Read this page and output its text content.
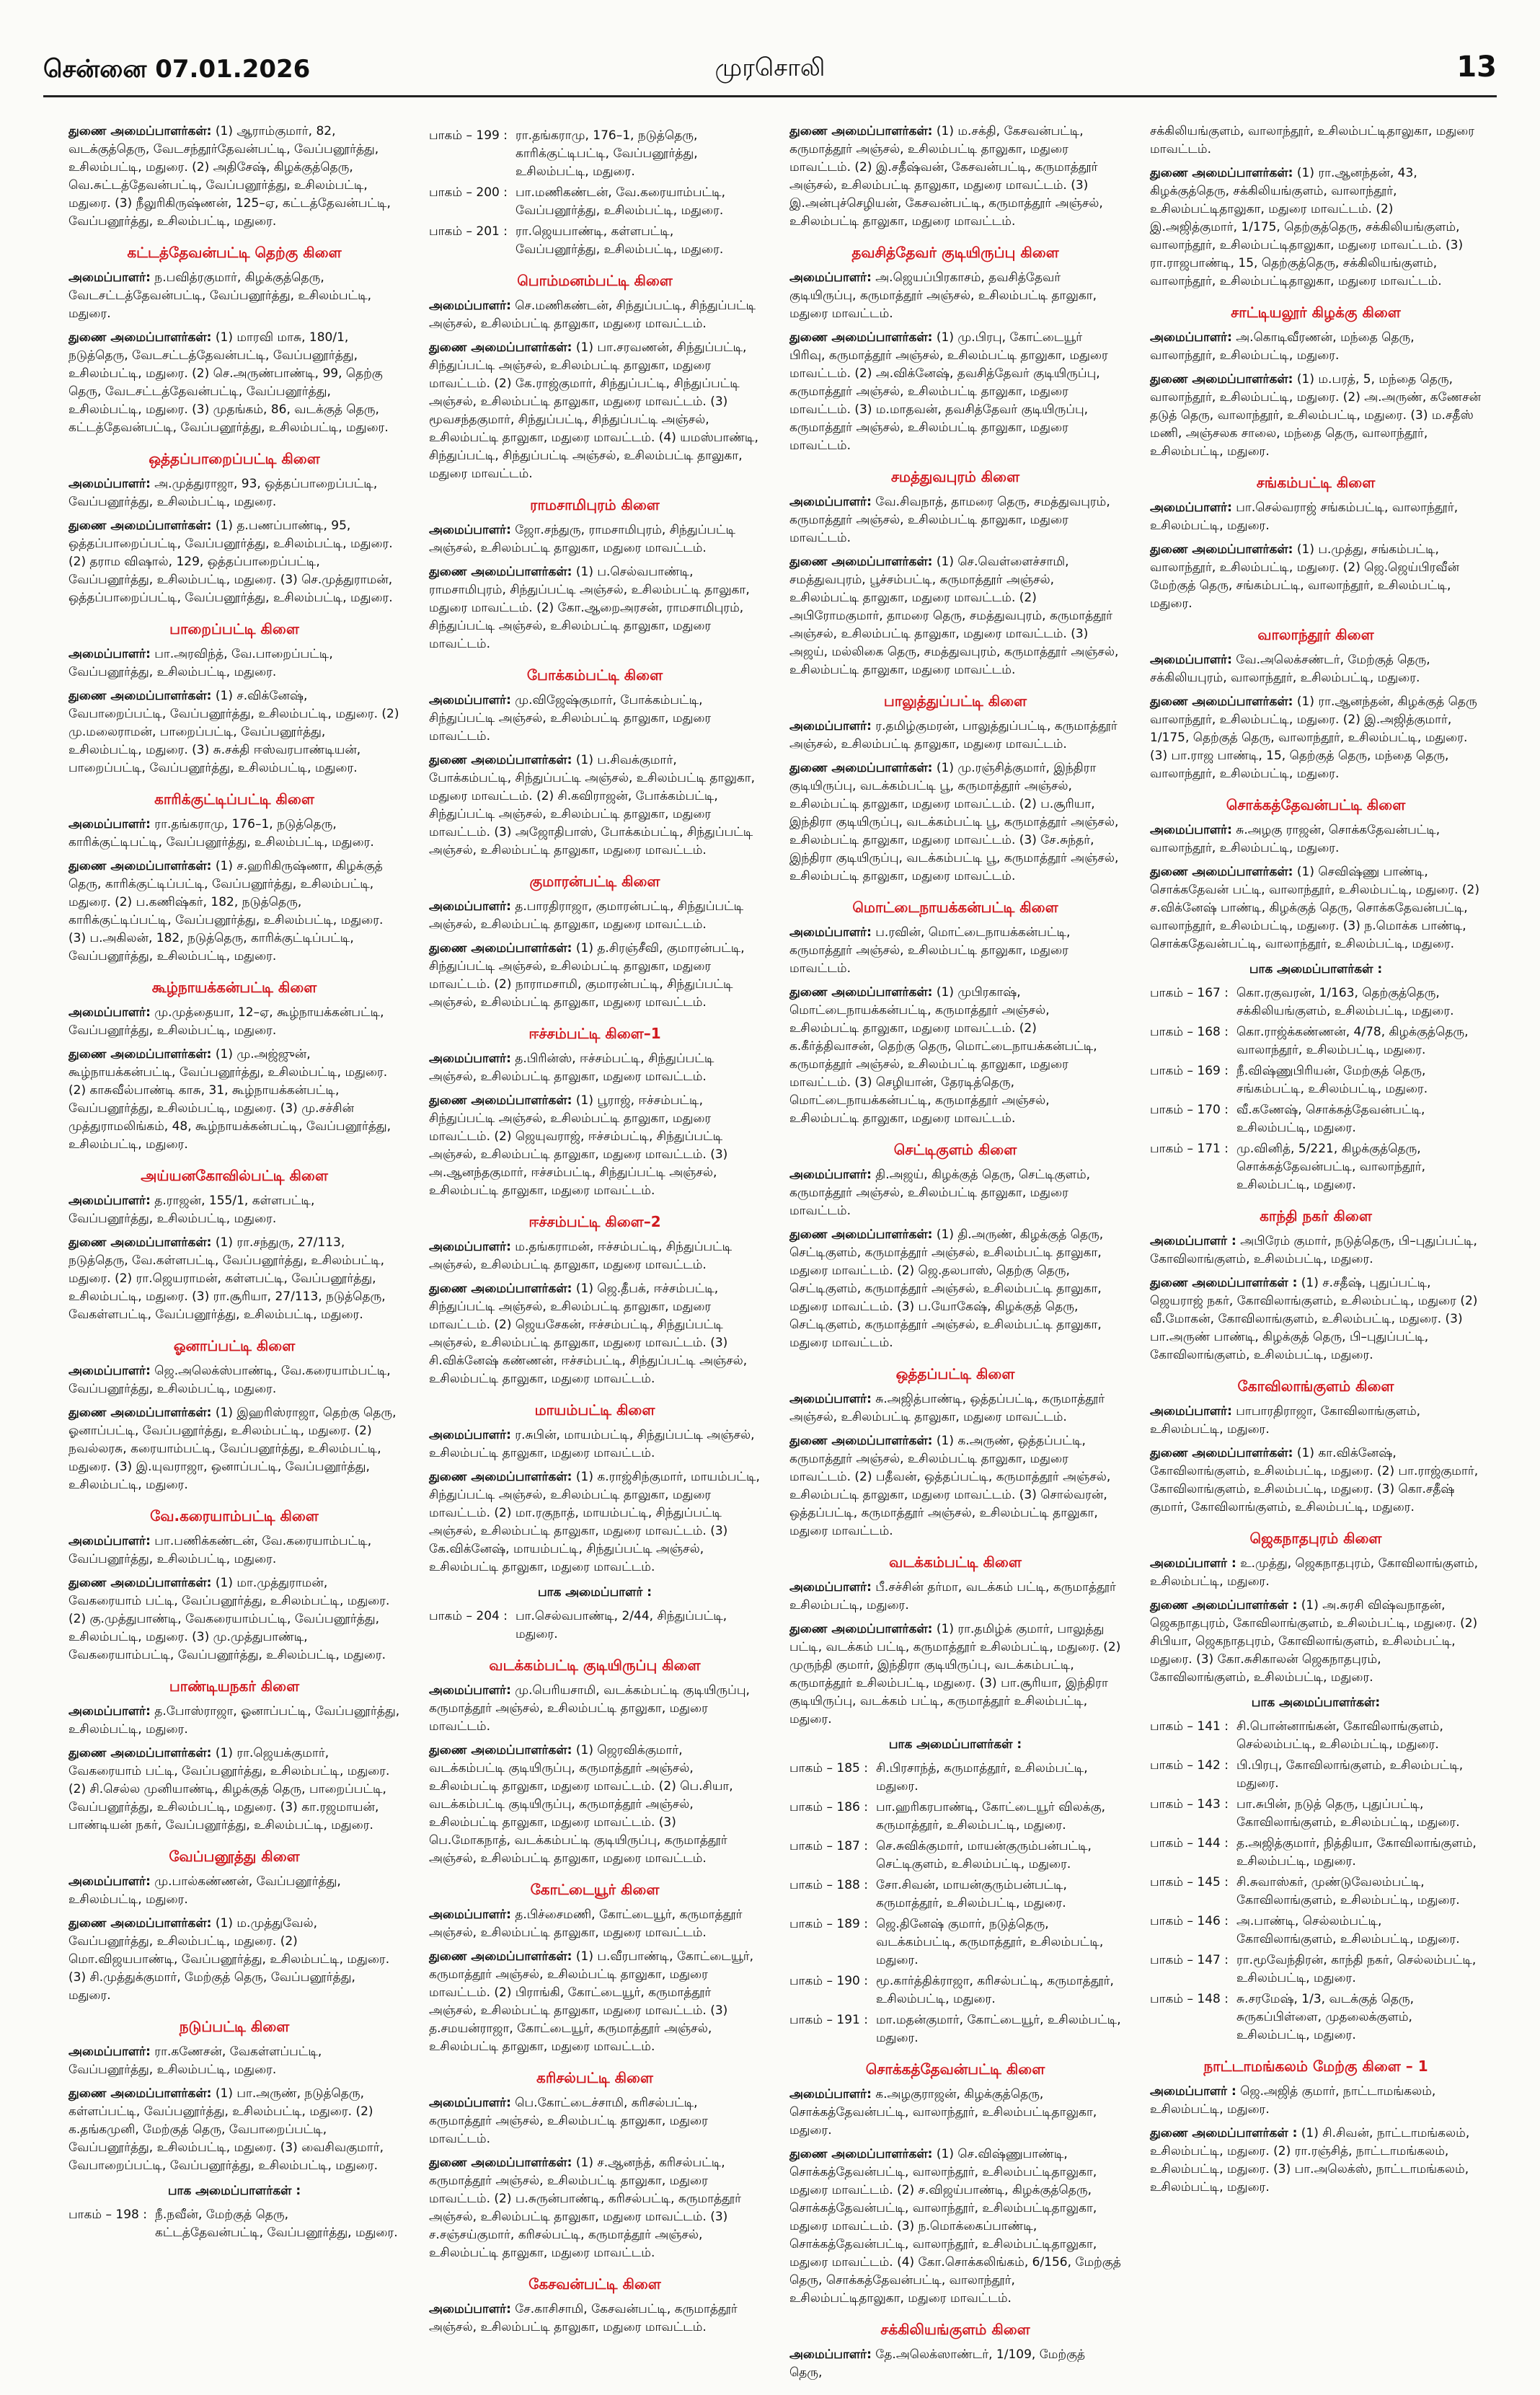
சென்னை 07.01.2026	முரசொலி	13
துணை அமைப்பாளர்கள்: (1) ஆராம்குமார், 82, வடக்குத்தெரு, வேடசந்தூர்தேவன்பட்டி, வேப்பனூர்த்து, உசிலம்பட்டி, மதுரை. (2) அதிசேஷ், கிழக்குத்தெரு, வெ.சுட்டத்தேவன்பட்டி, வேப்பனூர்த்து, உசிலம்பட்டி, மதுரை. (3) நீலுரிகிருஷ்ணன், 125–ஏ, கட்டத்தேவன்பட்டி, வேப்பனூர்த்து, உசிலம்பட்டி, மதுரை.
கட்டத்தேவன்பட்டி தெற்கு கிளை
அமைப்பாளர்: ந.பவித்ரகுமார், கிழக்குத்தெரு, வேடசட்டத்தேவன்பட்டி, வேப்பனூர்த்து, உசிலம்பட்டி, மதுரை.
துணை அமைப்பாளர்கள்: (1) மாரவி மாசு, 180/1, நடுத்தெரு, வேடசட்டத்தேவன்பட்டி, வேப்பனூர்த்து, உசிலம்பட்டி, மதுரை. (2) செ.அருண்பாண்டி, 99, தெற்கு தெரு, வேடசட்டத்தேவன்பட்டி, வேப்பனூர்த்து, உசிலம்பட்டி, மதுரை. (3) முதங்கம், 86, வடக்குத் தெரு, கட்டத்தேவன்பட்டி, வேப்பனூர்த்து, உசிலம்பட்டி, மதுரை.
ஒத்தப்பாறைப்பட்டி கிளை
அமைப்பாளர்: அ.முத்துராஜா, 93, ஒத்தப்பாறைப்பட்டி, வேப்பனூர்த்து, உசிலம்பட்டி, மதுரை.
துணை அமைப்பாளர்கள்: (1) த.பணப்பாண்டி, 95, ஒத்தப்பாறைப்பட்டி, வேப்பனூர்த்து, உசிலம்பட்டி, மதுரை. (2) தராம விஷால், 129, ஒத்தப்பாறைப்பட்டி, வேப்பனூர்த்து, உசிலம்பட்டி, மதுரை. (3) செ.முத்துராமன், ஒத்தப்பாறைப்பட்டி, வேப்பனூர்த்து, உசிலம்பட்டி, மதுரை.
பாறைப்பட்டி கிளை
அமைப்பாளர்: பா.அரவிந்த், வே.பாறைப்பட்டி, வேப்பனூர்த்து, உசிலம்பட்டி, மதுரை.
துணை அமைப்பாளர்கள்: (1) ச.விக்னேஷ், வேபாறைப்பட்டி, வேப்பனூர்த்து, உசிலம்பட்டி, மதுரை. (2) மு.மலைராமன், பாறைப்பட்டி, வேப்பனூர்த்து, உசிலம்பட்டி, மதுரை. (3) சு.சக்தி ஈஸ்வரபாண்டியன், பாறைப்பட்டி, வேப்பனூர்த்து, உசிலம்பட்டி, மதுரை.
காரிக்குட்டிப்பட்டி கிளை
அமைப்பாளர்: ரா.தங்கராமு, 176–1, நடுத்தெரு, காரிக்குட்டிபட்டி, வேப்பனூர்த்து, உசிலம்பட்டி, மதுரை.
துணை அமைப்பாளர்கள்: (1) ச.ஹரிகிருஷ்ணா, கிழக்குத் தெரு, காரிக்குட்டிப்பட்டி, வேப்பனூர்த்து, உசிலம்பட்டி, மதுரை. (2) ப.கணிஷ்கர், 182, நடுத்தெரு, காரிக்குட்டிப்பட்டி, வேப்பனூர்த்து, உசிலம்பட்டி, மதுரை. (3) ப.அகிலன், 182, நடுத்தெரு, காரிக்குட்டிப்பட்டி, வேப்பனூர்த்து, உசிலம்பட்டி, மதுரை.
கூழ்நாயக்கன்பட்டி கிளை
அமைப்பாளர்: மு.முத்தையா, 12–ஏ, கூழ்நாயக்கன்பட்டி, வேப்பனூர்த்து, உசிலம்பட்டி, மதுரை.
துணை அமைப்பாளர்கள்: (1) மு.அஜ்ஜுன், கூழ்நாயக்கன்பட்டி, வேப்பனூர்த்து, உசிலம்பட்டி, மதுரை. (2) காசுவீல்பாண்டி காசு, 31, கூழ்நாயக்கன்பட்டி, வேப்பனூர்த்து, உசிலம்பட்டி, மதுரை. (3) மு.சச்சின் முத்துராமலிங்கம், 48, கூழ்நாயக்கன்பட்டி, வேப்பனூர்த்து, உசிலம்பட்டி, மதுரை.
அய்யனகோவில்பட்டி கிளை
அமைப்பாளர்: த.ராஜன், 155/1, கள்ளபட்டி, வேப்பனூர்த்து, உசிலம்பட்டி, மதுரை.
துணை அமைப்பாளர்கள்: (1) ரா.சந்துரு, 27/113, நடுத்தெரு, வே.கள்ளபட்டி, வேப்பனூர்த்து, உசிலம்பட்டி, மதுரை. (2) ரா.ஜெயராமன், கள்ளபட்டி, வேப்பனூர்த்து, உசிலம்பட்டி, மதுரை. (3) ரா.சூரியா, 27/113, நடுத்தெரு, வேகள்ளபட்டி, வேப்பனூர்த்து, உசிலம்பட்டி, மதுரை.
ஓனாப்பட்டி கிளை
அமைப்பாளர்: ஜெ.அலெக்ஸ்பாண்டி, வே.கரையாம்பட்டி, வேப்பனூர்த்து, உசிலம்பட்டி, மதுரை.
துணை அமைப்பாளர்கள்: (1) இஹரிஸ்ராஜா, தெற்கு தெரு, ஓனாப்பட்டி, வேப்பனூர்த்து, உசிலம்பட்டி, மதுரை. (2) நவல்லரசு, கரையாம்பட்டி, வேப்பனூர்த்து, உசிலம்பட்டி, மதுரை. (3) இ.யுவராஜா, ஒனாப்பட்டி, வேப்பனூர்த்து, உசிலம்பட்டி, மதுரை.
வே.கரையாம்பட்டி கிளை
அமைப்பாளர்: பா.பணிக்கண்டன், வே.கரையாம்பட்டி, வேப்பனூர்த்து, உசிலம்பட்டி, மதுரை.
துணை அமைப்பாளர்கள்: (1) மா.முத்துராமன், வேகரையாம் பட்டி, வேப்பனூர்த்து, உசிலம்பட்டி, மதுரை. (2) கு.முத்துபாண்டி, வேகரையாம்பட்டி, வேப்பனூர்த்து, உசிலம்பட்டி, மதுரை. (3) மு.முத்துபாண்டி, வேகரையாம்பட்டி, வேப்பனூர்த்து, உசிலம்பட்டி, மதுரை.
பாண்டியநகர் கிளை
அமைப்பாளர்: த.போஸ்ராஜா, ஓனாப்பட்டி, வேப்பனூர்த்து, உசிலம்பட்டி, மதுரை.
துணை அமைப்பாளர்கள்: (1) ரா.ஜெயக்குமார், வேகரையாம் பட்டி, வேப்பனூர்த்து, உசிலம்பட்டி, மதுரை. (2) சி.செல்ல முனியாண்டி, கிழக்குத் தெரு, பாறைப்பட்டி, வேப்பனூர்த்து, உசிலம்பட்டி, மதுரை. (3) கா.ரஜமாயன், பாண்டியன் நகர், வேப்பனூர்த்து, உசிலம்பட்டி, மதுரை.
வேப்பனூத்து கிளை
அமைப்பாளர்: மு.பால்கண்ணன், வேப்பனூர்த்து, உசிலம்பட்டி, மதுரை.
துணை அமைப்பாளர்கள்: (1) ம.முத்துவேல், வேப்பனூர்த்து, உசிலம்பட்டி, மதுரை. (2) மொ.விஜயபாண்டி, வேப்பனூர்த்து, உசிலம்பட்டி, மதுரை. (3) சி.முத்துக்குமார், மேற்குத் தெரு, வேப்பனூர்த்து, மதுரை.
நடுப்பட்டி கிளை
அமைப்பாளர்: ரா.கணேசன், வேகள்ளப்பட்டி, வேப்பனூர்த்து, உசிலம்பட்டி, மதுரை.
துணை அமைப்பாளர்கள்: (1) பா.அருண், நடுத்தெரு, கள்ளப்பட்டி, வேப்பனூர்த்து, உசிலம்பட்டி, மதுரை. (2) க.தங்கமுனி, மேற்குத் தெரு, வேபாறைப்பட்டி, வேப்பனூர்த்து, உசிலம்பட்டி, மதுரை. (3) வைசிவகுமார், வேபாறைப்பட்டி, வேப்பனூர்த்து, உசிலம்பட்டி, மதுரை.
பாக அமைப்பாளர்கள் :
பாகம் – 198 : நீ.நவீன், மேற்குத் தெரு, கட்டத்தேவன்பட்டி, வேப்பனூர்த்து, மதுரை.
பாகம் – 199 : ரா.தங்கராமு, 176–1, நடுத்தெரு, காரிக்குட்டிபட்டி, வேப்பனூர்த்து, உசிலம்பட்டி, மதுரை.
பாகம் – 200 : பா.மணிகண்டன், வே.கரையாம்பட்டி, வேப்பனூர்த்து, உசிலம்பட்டி, மதுரை.
பாகம் – 201 : ரா.ஜெயபாண்டி, கள்ளபட்டி, வேப்பனூர்த்து, உசிலம்பட்டி, மதுரை.
பொம்மனம்பட்டி கிளை
அமைப்பாளர்: செ.மணிகண்டன், சிந்துப்பட்டி, சிந்துப்பட்டி அஞ்சல், உசிலம்பட்டி தாலுகா, மதுரை மாவட்டம்.
துணை அமைப்பாளர்கள்: (1) பா.சரவணன், சிந்துப்பட்டி, சிந்துப்பட்டி அஞ்சல், உசிலம்பட்டி தாலுகா, மதுரை மாவட்டம். (2) கே.ராஜ்குமார், சிந்துப்பட்டி, சிந்துப்பட்டி அஞ்சல், உசிலம்பட்டி தாலுகா, மதுரை மாவட்டம். (3) மூவசந்தகுமார், சிந்துப்பட்டி, சிந்துப்பட்டி அஞ்சல், உசிலம்பட்டி தாலுகா, மதுரை மாவட்டம். (4) யமஸ்பாண்டி, சிந்துப்பட்டி, சிந்துப்பட்டி அஞ்சல், உசிலம்பட்டி தாலுகா, மதுரை மாவட்டம்.
ராமசாமிபுரம் கிளை
அமைப்பாளர்: ஜோ.சந்துரு, ராமசாமிபுரம், சிந்துப்பட்டி அஞ்சல், உசிலம்பட்டி தாலுகா, மதுரை மாவட்டம்.
துணை அமைப்பாளர்கள்: (1) ப.செல்வபாண்டி, ராமசாமிபுரம், சிந்துப்பட்டி அஞ்சல், உசிலம்பட்டி தாலுகா, மதுரை மாவட்டம். (2) கோ.ஆறைஅரசன், ராமசாமிபுரம், சிந்துப்பட்டி அஞ்சல், உசிலம்பட்டி தாலுகா, மதுரை மாவட்டம்.
போக்கம்பட்டி கிளை
அமைப்பாளர்: மு.விஜேஷ்குமார், போக்கம்பட்டி, சிந்துப்பட்டி அஞ்சல், உசிலம்பட்டி தாலுகா, மதுரை மாவட்டம்.
துணை அமைப்பாளர்கள்: (1) ப.சிவக்குமார், போக்கம்பட்டி, சிந்துப்பட்டி அஞ்சல், உசிலம்பட்டி தாலுகா, மதுரை மாவட்டம். (2) சி.கவிராஜன், போக்கம்பட்டி, சிந்துப்பட்டி அஞ்சல், உசிலம்பட்டி தாலுகா, மதுரை மாவட்டம். (3) அஜோதிபாஸ், போக்கம்பட்டி, சிந்துப்பட்டி அஞ்சல், உசிலம்பட்டி தாலுகா, மதுரை மாவட்டம்.
குமாரன்பட்டி கிளை
அமைப்பாளர்: த.பாரதிராஜா, குமாரன்பட்டி, சிந்துப்பட்டி அஞ்சல், உசிலம்பட்டி தாலுகா, மதுரை மாவட்டம்.
துணை அமைப்பாளர்கள்: (1) த.சிரஞ்சீவி, குமாரன்பட்டி, சிந்துப்பட்டி அஞ்சல், உசிலம்பட்டி தாலுகா, மதுரை மாவட்டம். (2) நாராமசாமி, குமாரன்பட்டி, சிந்துப்பட்டி அஞ்சல், உசிலம்பட்டி தாலுகா, மதுரை மாவட்டம்.
ஈச்சம்பட்டி கிளை–1
அமைப்பாளர்: த.பிரின்ஸ், ஈச்சம்பட்டி, சிந்துப்பட்டி அஞ்சல், உசிலம்பட்டி தாலுகா, மதுரை மாவட்டம்.
துணை அமைப்பாளர்கள்: (1) பூராஜ், ஈச்சம்பட்டி, சிந்துப்பட்டி அஞ்சல், உசிலம்பட்டி தாலுகா, மதுரை மாவட்டம். (2) ஜெயுவராஜ், ஈச்சம்பட்டி, சிந்துப்பட்டி அஞ்சல், உசிலம்பட்டி தாலுகா, மதுரை மாவட்டம். (3) அ.ஆனந்தகுமார், ஈச்சம்பட்டி, சிந்துப்பட்டி அஞ்சல், உசிலம்பட்டி தாலுகா, மதுரை மாவட்டம்.
ஈச்சம்பட்டி கிளை–2
அமைப்பாளர்: ம.தங்கராமன், ஈச்சம்பட்டி, சிந்துப்பட்டி அஞ்சல், உசிலம்பட்டி தாலுகா, மதுரை மாவட்டம்.
துணை அமைப்பாளர்கள்: (1) ஜெ.தீபக், ஈச்சம்பட்டி, சிந்துப்பட்டி அஞ்சல், உசிலம்பட்டி தாலுகா, மதுரை மாவட்டம். (2) ஜெயசேகன், ஈச்சம்பட்டி, சிந்துப்பட்டி அஞ்சல், உசிலம்பட்டி தாலுகா, மதுரை மாவட்டம். (3) சி.விக்னேஷ் கண்ணன், ஈச்சம்பட்டி, சிந்துப்பட்டி அஞ்சல், உசிலம்பட்டி தாலுகா, மதுரை மாவட்டம்.
மாயம்பட்டி கிளை
அமைப்பாளர்: ர.சுபின், மாயம்பட்டி, சிந்துப்பட்டி அஞ்சல், உசிலம்பட்டி தாலுகா, மதுரை மாவட்டம்.
துணை அமைப்பாளர்கள்: (1) க.ராஜ்சிந்குமார், மாயம்பட்டி, சிந்துப்பட்டி அஞ்சல், உசிலம்பட்டி தாலுகா, மதுரை மாவட்டம். (2) மா.ரகுநாத், மாயம்பட்டி, சிந்துப்பட்டி அஞ்சல், உசிலம்பட்டி தாலுகா, மதுரை மாவட்டம். (3) கே.விக்னேஷ், மாயம்பட்டி, சிந்துப்பட்டி அஞ்சல், உசிலம்பட்டி தாலுகா, மதுரை மாவட்டம்.
பாக அமைப்பாளர் :
பாகம் – 204 : பா.செல்வபாண்டி, 2/44, சிந்துப்பட்டி, மதுரை.
வடக்கம்பட்டி குடியிருப்பு கிளை
அமைப்பாளர்: மு.பெரியசாமி, வடக்கம்பட்டி குடியிருப்பு, கருமாத்தூர் அஞ்சல், உசிலம்பட்டி தாலுகா, மதுரை மாவட்டம்.
துணை அமைப்பாளர்கள்: (1) ஜெரவிக்குமார், வடக்கம்பட்டி குடியிருப்பு, கருமாத்தூர் அஞ்சல், உசிலம்பட்டி தாலுகா, மதுரை மாவட்டம். (2) பெ.சியா, வடக்கம்பட்டி குடியிருப்பு, கருமாத்தூர் அஞ்சல், உசிலம்பட்டி தாலுகா, மதுரை மாவட்டம். (3) பெ.மோகநாத், வடக்கம்பட்டி குடியிருப்பு, கருமாத்தூர் அஞ்சல், உசிலம்பட்டி தாலுகா, மதுரை மாவட்டம்.
கோட்டையூர் கிளை
அமைப்பாளர்: த.பிச்சைமணி, கோட்டையூர், கருமாத்தூர் அஞ்சல், உசிலம்பட்டி தாலுகா, மதுரை மாவட்டம்.
துணை அமைப்பாளர்கள்: (1) ப.வீரபாண்டி, கோட்டையூர், கருமாத்தூர் அஞ்சல், உசிலம்பட்டி தாலுகா, மதுரை மாவட்டம். (2) பிராங்கி, கோட்டையூர், கருமாத்தூர் அஞ்சல், உசிலம்பட்டி தாலுகா, மதுரை மாவட்டம். (3) த.சமயன்ராஜா, கோட்டையூர், கருமாத்தூர் அஞ்சல், உசிலம்பட்டி தாலுகா, மதுரை மாவட்டம்.
கரிசல்பட்டி கிளை
அமைப்பாளர்: பெ.கோட்டைச்சாமி, கரிசல்பட்டி, கருமாத்தூர் அஞ்சல், உசிலம்பட்டி தாலுகா, மதுரை மாவட்டம்.
துணை அமைப்பாளர்கள்: (1) ச.ஆனந்த், கரிசல்பட்டி, கருமாத்தூர் அஞ்சல், உசிலம்பட்டி தாலுகா, மதுரை மாவட்டம். (2) ப.சுருன்பாண்டி, கரிசல்பட்டி, கருமாத்தூர் அஞ்சல், உசிலம்பட்டி தாலுகா, மதுரை மாவட்டம். (3) ச.சஞ்சய்குமார், கரிசல்பட்டி, கருமாத்தூர் அஞ்சல், உசிலம்பட்டி தாலுகா, மதுரை மாவட்டம்.
கேசவன்பட்டி கிளை
அமைப்பாளர்: சே.காசிசாமி, கேசவன்பட்டி, கருமாத்தூர் அஞ்சல், உசிலம்பட்டி தாலுகா, மதுரை மாவட்டம்.
துணை அமைப்பாளர்கள்: (1) ம.சக்தி, கேசவன்பட்டி, கருமாத்தூர் அஞ்சல், உசிலம்பட்டி தாலுகா, மதுரை மாவட்டம். (2) இ.சதீஷ்வன், கேசவன்பட்டி, கருமாத்தூர் அஞ்சல், உசிலம்பட்டி தாலுகா, மதுரை மாவட்டம். (3) இ.அன்புச்செழியன், கேசவன்பட்டி, கருமாத்தூர் அஞ்சல், உசிலம்பட்டி தாலுகா, மதுரை மாவட்டம்.
தவசித்தேவர் குடியிருப்பு கிளை
அமைப்பாளர்: அ.ஜெயப்பிரகாசம், தவசித்தேவர் குடியிருப்பு, கருமாத்தூர் அஞ்சல், உசிலம்பட்டி தாலுகா, மதுரை மாவட்டம்.
துணை அமைப்பாளர்கள்: (1) மு.பிரபு, கோட்டையூர் பிரிவு, கருமாத்தூர் அஞ்சல், உசிலம்பட்டி தாலுகா, மதுரை மாவட்டம். (2) அ.விக்னேஷ், தவசித்தேவர் குடியிருப்பு, கருமாத்தூர் அஞ்சல், உசிலம்பட்டி தாலுகா, மதுரை மாவட்டம். (3) ம.மாதவன், தவசித்தேவர் குடியிருப்பு, கருமாத்தூர் அஞ்சல், உசிலம்பட்டி தாலுகா, மதுரை மாவட்டம்.
சமத்துவபுரம் கிளை
அமைப்பாளர்: வே.சிவநாத், தாமரை தெரு, சமத்துவபுரம், கருமாத்தூர் அஞ்சல், உசிலம்பட்டி தாலுகா, மதுரை மாவட்டம்.
துணை அமைப்பாளர்கள்: (1) செ.வெள்ளைச்சாமி, சமத்துவபுரம், பூச்சம்பட்டி, கருமாத்தூர் அஞ்சல், உசிலம்பட்டி தாலுகா, மதுரை மாவட்டம். (2) அபிரோமகுமார், தாமரை தெரு, சமத்துவபுரம், கருமாத்தூர் அஞ்சல், உசிலம்பட்டி தாலுகா, மதுரை மாவட்டம். (3) அஜய், மல்லிகை தெரு, சமத்துவபுரம், கருமாத்தூர் அஞ்சல், உசிலம்பட்டி தாலுகா, மதுரை மாவட்டம்.
பாலுத்துப்பட்டி கிளை
அமைப்பாளர்: ர.தமிழ்குமரன், பாலுத்துப்பட்டி, கருமாத்தூர் அஞ்சல், உசிலம்பட்டி தாலுகா, மதுரை மாவட்டம்.
துணை அமைப்பாளர்கள்: (1) மு.ரஞ்சித்குமார், இந்திரா குடியிருப்பு, வடக்கம்பட்டி பூ, கருமாத்தூர் அஞ்சல், உசிலம்பட்டி தாலுகா, மதுரை மாவட்டம். (2) ப.சூரியா, இந்திரா குடியிருப்பு, வடக்கம்பட்டி பூ, கருமாத்தூர் அஞ்சல், உசிலம்பட்டி தாலுகா, மதுரை மாவட்டம். (3) சே.சுந்தர், இந்திரா குடியிருப்பு, வடக்கம்பட்டி பூ, கருமாத்தூர் அஞ்சல், உசிலம்பட்டி தாலுகா, மதுரை மாவட்டம்.
மொட்டைநாயக்கன்பட்டி கிளை
அமைப்பாளர்: ப.ரவின், மொட்டைநாயக்கன்பட்டி, கருமாத்தூர் அஞ்சல், உசிலம்பட்டி தாலுகா, மதுரை மாவட்டம்.
துணை அமைப்பாளர்கள்: (1) முபிரகாஷ், மொட்டைநாயக்கன்பட்டி, கருமாத்தூர் அஞ்சல், உசிலம்பட்டி தாலுகா, மதுரை மாவட்டம். (2) க.கீர்த்திவாசன், தெற்கு தெரு, மொட்டைநாயக்கன்பட்டி, கருமாத்தூர் அஞ்சல், உசிலம்பட்டி தாலுகா, மதுரை மாவட்டம். (3) செழியான், தேரடித்தெரு, மொட்டைநாயக்கன்பட்டி, கருமாத்தூர் அஞ்சல், உசிலம்பட்டி தாலுகா, மதுரை மாவட்டம்.
செட்டிகுளம் கிளை
அமைப்பாளர்: தி.அஜய், கிழக்குத் தெரு, செட்டிகுளம், கருமாத்தூர் அஞ்சல், உசிலம்பட்டி தாலுகா, மதுரை மாவட்டம்.
துணை அமைப்பாளர்கள்: (1) தி.அருண், கிழக்குத் தெரு, செட்டிகுளம், கருமாத்தூர் அஞ்சல், உசிலம்பட்டி தாலுகா, மதுரை மாவட்டம். (2) ஜெ.தலபாஸ், தெற்கு தெரு, செட்டிகுளம், கருமாத்தூர் அஞ்சல், உசிலம்பட்டி தாலுகா, மதுரை மாவட்டம். (3) ப.யோகேஷ், கிழக்குத் தெரு, செட்டிகுளம், கருமாத்தூர் அஞ்சல், உசிலம்பட்டி தாலுகா, மதுரை மாவட்டம்.
ஒத்தப்பட்டி கிளை
அமைப்பாளர்: சு.அஜித்பாண்டி, ஒத்தப்பட்டி, கருமாத்தூர் அஞ்சல், உசிலம்பட்டி தாலுகா, மதுரை மாவட்டம்.
துணை அமைப்பாளர்கள்: (1) க.அருண், ஒத்தப்பட்டி, கருமாத்தூர் அஞ்சல், உசிலம்பட்டி தாலுகா, மதுரை மாவட்டம். (2) பதீவன், ஒத்தப்பட்டி, கருமாத்தூர் அஞ்சல், உசிலம்பட்டி தாலுகா, மதுரை மாவட்டம். (3) சொல்வரன், ஒத்தப்பட்டி, கருமாத்தூர் அஞ்சல், உசிலம்பட்டி தாலுகா, மதுரை மாவட்டம்.
வடக்கம்பட்டி கிளை
அமைப்பாளர்: பீ.சச்சின் தர்மா, வடக்கம் பட்டி, கருமாத்தூர் உசிலம்பட்டி, மதுரை.
துணை அமைப்பாளர்கள்: (1) ரா.தமிழ்க் குமார், பாலுத்து பட்டி, வடக்கம் பட்டி, கருமாத்தூர் உசிலம்பட்டி, மதுரை. (2) முருந்தி குமார், இந்திரா குடியிருப்பு, வடக்கம்பட்டி, கருமாத்தூர் உசிலம்பட்டி, மதுரை. (3) பா.சூரியா, இந்திரா குடியிருப்பு, வடக்கம் பட்டி, கருமாத்தூர் உசிலம்பட்டி, மதுரை.
பாக அமைப்பாளர்கள் :
பாகம் – 185 : சி.பிரசாந்த், கருமாத்தூர், உசிலம்பட்டி, மதுரை.
பாகம் – 186 : பா.ஹரிகரபாண்டி, கோட்டையூர் விலக்கு, கருமாத்தூர், உசிலம்பட்டி, மதுரை.
பாகம் – 187 : செ.சுவிக்குமார், மாயன்குரும்பன்பட்டி, செட்டிகுளம், உசிலம்பட்டி, மதுரை.
பாகம் – 188 : சோ.சிவன், மாயன்குரும்பன்பட்டி, கருமாத்தூர், உசிலம்பட்டி, மதுரை.
பாகம் – 189 : ஜெ.தினேஷ் குமார், நடுத்தெரு, வடக்கம்பட்டி, கருமாத்தூர், உசிலம்பட்டி, மதுரை.
பாகம் – 190 : மூ.கார்த்திக்ராஜா, கரிசல்பட்டி, கருமாத்தூர், உசிலம்பட்டி, மதுரை.
பாகம் – 191 : மா.மதன்குமார், கோட்டையூர், உசிலம்பட்டி, மதுரை.
சொக்கத்தேவன்பட்டி கிளை
அமைப்பாளர்: க.அழகுராஜன், கிழக்குத்தெரு, சொக்கத்தேவன்பட்டி, வாலாந்தூர், உசிலம்பட்டிதாலுகா, மதுரை.
துணை அமைப்பாளர்கள்: (1) செ.விஷ்ணுபாண்டி, சொக்கத்தேவன்பட்டி, வாலாந்தூர், உசிலம்பட்டிதாலுகா, மதுரை மாவட்டம். (2) ச.விஜய்பாண்டி, கிழக்குத்தெரு, சொக்கத்தேவன்பட்டி, வாலாந்தூர், உசிலம்பட்டிதாலுகா, மதுரை மாவட்டம். (3) ந.மொக்கைப்பாண்டி, சொக்கத்தேவன்பட்டி, வாலாந்தூர், உசிலம்பட்டிதாலுகா, மதுரை மாவட்டம். (4) கோ.சொக்கலிங்கம், 6/156, மேற்குத் தெரு, சொக்கத்தேவன்பட்டி, வாலாந்தூர், உசிலம்பட்டிதாலுகா, மதுரை மாவட்டம்.
சக்கிலியங்குளம் கிளை
அமைப்பாளர்: தே.அலெக்ஸாண்டர், 1/109, மேற்குத் தெரு,
சக்கிலியங்குளம், வாலாந்தூர், உசிலம்பட்டிதாலுகா, மதுரை மாவட்டம்.
துணை அமைப்பாளர்கள்: (1) ரா.ஆனந்தன், 43, கிழக்குத்தெரு, சக்கிலியங்குளம், வாலாந்தூர், உசிலம்பட்டிதாலுகா, மதுரை மாவட்டம். (2) இ.அஜித்குமார், 1/175, தெற்குத்தெரு, சக்கிலியங்குளம், வாலாந்தூர், உசிலம்பட்டிதாலுகா, மதுரை மாவட்டம். (3) ரா.ராஜபாண்டி, 15, தெற்குத்தெரு, சக்கிலியங்குளம், வாலாந்தூர், உசிலம்பட்டிதாலுகா, மதுரை மாவட்டம்.
சாட்டியலூர் கிழக்கு கிளை
அமைப்பாளர்: அ.கொடிவீரணன், மந்தை தெரு, வாலாந்தூர், உசிலம்பட்டி, மதுரை.
துணை அமைப்பாளர்கள்: (1) ம.பரத், 5, மந்தை தெரு, வாலாந்தூர், உசிலம்பட்டி, மதுரை. (2) அ.அருண், கணேசன் தடுத் தெரு, வாலாந்தூர், உசிலம்பட்டி, மதுரை. (3) ம.சதீஸ் மணி, அஞ்சலக சாலை, மந்தை தெரு, வாலாந்தூர், உசிலம்பட்டி, மதுரை.
சங்கம்பட்டி கிளை
அமைப்பாளர்: பா.செல்வராஜ் சங்கம்பட்டி, வாலாந்தூர், உசிலம்பட்டி, மதுரை.
துணை அமைப்பாளர்கள்: (1) ப.முத்து, சங்கம்பட்டி, வாலாந்தூர், உசிலம்பட்டி, மதுரை. (2) ஜெ.ஜெய்பிரவீன் மேற்குத் தெரு, சங்கம்பட்டி, வாலாந்தூர், உசிலம்பட்டி, மதுரை.
வாலாந்தூர் கிளை
அமைப்பாளர்: வே.அலெக்சண்டர், மேற்குத் தெரு, சக்கிலியபுரம், வாலாந்தூர், உசிலம்பட்டி, மதுரை.
துணை அமைப்பாளர்கள்: (1) ரா.ஆனந்தன், கிழக்குத் தெரு வாலாந்தூர், உசிலம்பட்டி, மதுரை. (2) இ.அஜித்குமார், 1/175, தெற்குத் தெரு, வாலாந்தூர், உசிலம்பட்டி, மதுரை. (3) பா.ராஜ பாண்டி, 15, தெற்குத் தெரு, மந்தை தெரு, வாலாந்தூர், உசிலம்பட்டி, மதுரை.
சொக்கத்தேவன்பட்டி கிளை
அமைப்பாளர்: சு.அழகு ராஜன், சொக்கதேவன்பட்டி, வாலாந்தூர், உசிலம்பட்டி, மதுரை.
துணை அமைப்பாளர்கள்: (1) செவிஷ்ணு பாண்டி, சொக்கதேவன் பட்டி, வாலாந்தூர், உசிலம்பட்டி, மதுரை. (2) ச.விக்னேஷ் பாண்டி, கிழக்குத் தெரு, சொக்கதேவன்பட்டி, வாலாந்தூர், உசிலம்பட்டி, மதுரை. (3) ந.மொக்க பாண்டி, சொக்கதேவன்பட்டி, வாலாந்தூர், உசிலம்பட்டி, மதுரை.
பாக அமைப்பாளர்கள் :
பாகம் – 167 : கொ.ரகுவரன், 1/163, தெற்குத்தெரு, சக்கிலியங்குளம், உசிலம்பட்டி, மதுரை.
பாகம் – 168 : கொ.ராஜ்க்கண்ணன், 4/78, கிழக்குத்தெரு, வாலாந்தூர், உசிலம்பட்டி, மதுரை.
பாகம் – 169 : நீ.விஷ்ணுபிரியன், மேற்குத் தெரு, சங்கம்பட்டி, உசிலம்பட்டி, மதுரை.
பாகம் – 170 : வீ.கணேஷ், சொக்கத்தேவன்பட்டி, உசிலம்பட்டி, மதுரை.
பாகம் – 171 : மு.வினித், 5/221, கிழக்குத்தெரு, சொக்கத்தேவன்பட்டி, வாலாந்தூர், உசிலம்பட்டி, மதுரை.
காந்தி நகர் கிளை
அமைப்பாளர் : அபிரேம் குமார், நடுத்தெரு, பி–புதுப்பட்டி, கோவிலாங்குளம், உசிலம்பட்டி, மதுரை.
துணை அமைப்பாளர்கள் : (1) ச.சதீஷ், புதுப்பட்டி, ஜெயராஜ் நகர், கோவிலாங்குளம், உசிலம்பட்டி, மதுரை (2) வீ.மோகன், கோவிலாங்குளம், உசிலம்பட்டி, மதுரை. (3) பா.அருண் பாண்டி, கிழக்குத் தெரு, பி–புதுப்பட்டி, கோவிலாங்குளம், உசிலம்பட்டி, மதுரை.
கோவிலாங்குளம் கிளை
அமைப்பாளர்: பாபாரதிராஜா, கோவிலாங்குளம், உசிலம்பட்டி, மதுரை.
துணை அமைப்பாளர்கள்: (1) கா.விக்னேஷ், கோவிலாங்குளம், உசிலம்பட்டி, மதுரை. (2) பா.ராஜ்குமார், கோவிலாங்குளம், உசிலம்பட்டி, மதுரை. (3) கொ.சதீஷ் குமார், கோவிலாங்குளம், உசிலம்பட்டி, மதுரை.
ஜெகநாதபுரம் கிளை
அமைப்பாளர் : உ.முத்து, ஜெகநாதபுரம், கோவிலாங்குளம், உசிலம்பட்டி, மதுரை.
துணை அமைப்பாளர்கள் : (1) அ.சுரசி விஷ்வநாதன், ஜெகநாதபுரம், கோவிலாங்குளம், உசிலம்பட்டி, மதுரை. (2) சிபியா, ஜெகநாதபுரம், கோவிலாங்குளம், உசிலம்பட்டி, மதுரை. (3) கோ.சுசிகாலன் ஜெகநாதபுரம், கோவிலாங்குளம், உசிலம்பட்டி, மதுரை.
பாக அமைப்பாளர்கள்:
பாகம் – 141 : சி.பொன்னாங்கன், கோவிலாங்குளம், செல்லம்பட்டி, உசிலம்பட்டி, மதுரை.
பாகம் – 142 : பி.பிரபு, கோவிலாங்குளம், உசிலம்பட்டி, மதுரை.
பாகம் – 143 : பா.சுபின், நடுத் தெரு, புதுப்பட்டி, கோவிலாங்குளம், உசிலம்பட்டி, மதுரை.
பாகம் – 144 : த.அஜித்குமார், நித்தியா, கோவிலாங்குளம், உசிலம்பட்டி, மதுரை.
பாகம் – 145 : சி.சுவாஸ்கர், முண்டுவேலம்பட்டி, கோவிலாங்குளம், உசிலம்பட்டி, மதுரை.
பாகம் – 146 : அ.பாண்டி, செல்லம்பட்டி, கோவிலாங்குளம், உசிலம்பட்டி, மதுரை.
பாகம் – 147 : ரா.மூவேந்திரன், காந்தி நகர், செல்லம்பட்டி, உசிலம்பட்டி, மதுரை.
பாகம் – 148 : சு.சரமேஷ், 1/3, வடக்குத் தெரு, சுருகப்பிள்ளை, முதலைக்குளம், உசிலம்பட்டி, மதுரை.
நாட்டாமங்கலம் மேற்கு கிளை – 1
அமைப்பாளர் : ஜெ.அஜித் குமார், நாட்டாமங்கலம், உசிலம்பட்டி, மதுரை.
துணை அமைப்பாளர்கள் : (1) சி.சிவன், நாட்டாமங்கலம், உசிலம்பட்டி, மதுரை. (2) ரா.ரஞ்சித், நாட்டாமங்கலம், உசிலம்பட்டி, மதுரை. (3) பா.அலெக்ஸ், நாட்டாமங்கலம், உசிலம்பட்டி, மதுரை.
